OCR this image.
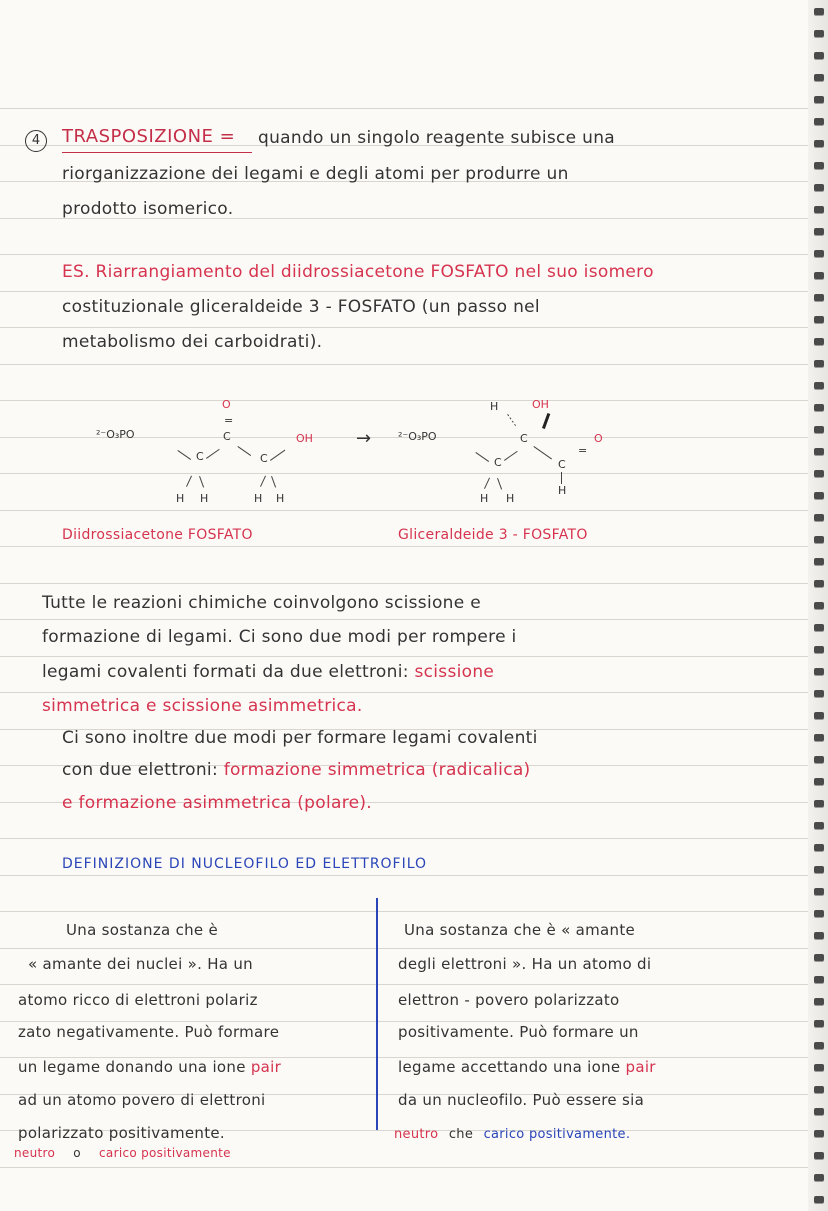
4	TRASPOSIZIONE = quando un singolo reagente subisce una
riorganizzazione dei legami e degli atomi per produrre un
prodotto isomerico.
ES. Riarrangiamento del diidrossiacetone FOSFATO nel suo isomero
costituzionale gliceraldeide 3 - FOSFATO (un passo nel
metabolismo dei carboidrati).
O
=
C
²⁻O₃PO
C	C
OH
H H	H H
→ ²⁻O₃PO
H	OH
C
C	C
=
O
H
H H
Diidrossiacetone FOSFATO	Gliceraldeide 3 - FOSFATO
Tutte le reazioni chimiche coinvolgono scissione e
formazione di legami. Ci sono due modi per rompere i
legami covalenti formati da due elettroni: scissione
simmetrica e scissione asimmetrica.
Ci sono inoltre due modi per formare legami covalenti
con due elettroni: formazione simmetrica (radicalica)
e formazione asimmetrica (polare).
DEFINIZIONE DI NUCLEOFILO ED ELETTROFILO
Una sostanza che è
« amante dei nuclei ». Ha un
atomo ricco di elettroni polariz
zato negativamente. Può formare
un legame donando una ione pair
ad un atomo povero di elettroni
polarizzato positivamente.
neutro o carico positivamente
Una sostanza che è « amante
degli elettroni ». Ha un atomo di
elettron - povero polarizzato
positivamente. Può formare un
legame accettando una ione pair
da un nucleofilo. Può essere sia
neutro che carico positivamente.
